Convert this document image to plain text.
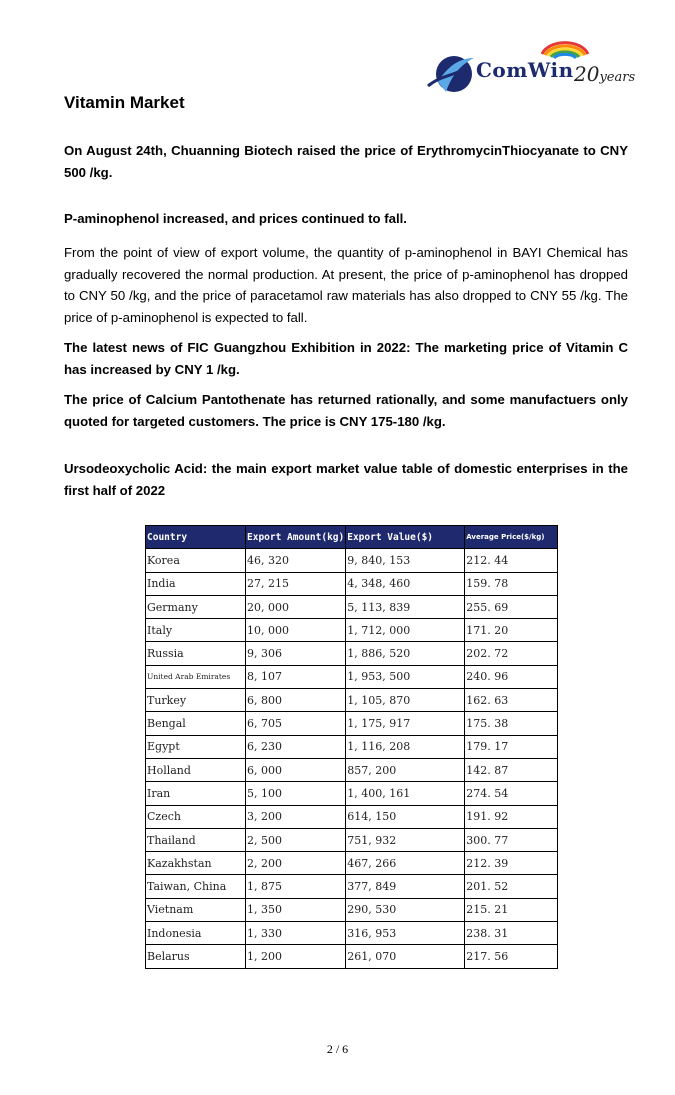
ComWin 20years
Vitamin Market

On August 24th, Chuanning Biotech raised the price of ErythromycinThiocyanate to CNY 500 /kg.

P-aminophenol increased, and prices continued to fall.

From the point of view of export volume, the quantity of p-aminophenol in BAYI Chemical has gradually recovered the normal production. At present, the price of p-aminophenol has dropped to CNY 50 /kg, and the price of paracetamol raw materials has also dropped to CNY 55 /kg. The price of p-aminophenol is expected to fall.

The latest news of FIC Guangzhou Exhibition in 2022: The marketing price of Vitamin C has increased by CNY 1 /kg.

The price of Calcium Pantothenate has returned rationally, and some manufactuers only quoted for targeted customers. The price is CNY 175-180 /kg.

Ursodeoxycholic Acid: the main export market value table of domestic enterprises in the first half of 2022

Country	Export Amount(kg)	Export Value($)	Average Price($/kg)
Korea	46, 320	9, 840, 153	212. 44
India	27, 215	4, 348, 460	159. 78
Germany	20, 000	5, 113, 839	255. 69
Italy	10, 000	1, 712, 000	171. 20
Russia	9, 306	1, 886, 520	202. 72
United Arab Emirates	8, 107	1, 953, 500	240. 96
Turkey	6, 800	1, 105, 870	162. 63
Bengal	6, 705	1, 175, 917	175. 38
Egypt	6, 230	1, 116, 208	179. 17
Holland	6, 000	857, 200	142. 87
Iran	5, 100	1, 400, 161	274. 54
Czech	3, 200	614, 150	191. 92
Thailand	2, 500	751, 932	300. 77
Kazakhstan	2, 200	467, 266	212. 39
Taiwan, China	1, 875	377, 849	201. 52
Vietnam	1, 350	290, 530	215. 21
Indonesia	1, 330	316, 953	238. 31
Belarus	1, 200	261, 070	217. 56
2 / 6
